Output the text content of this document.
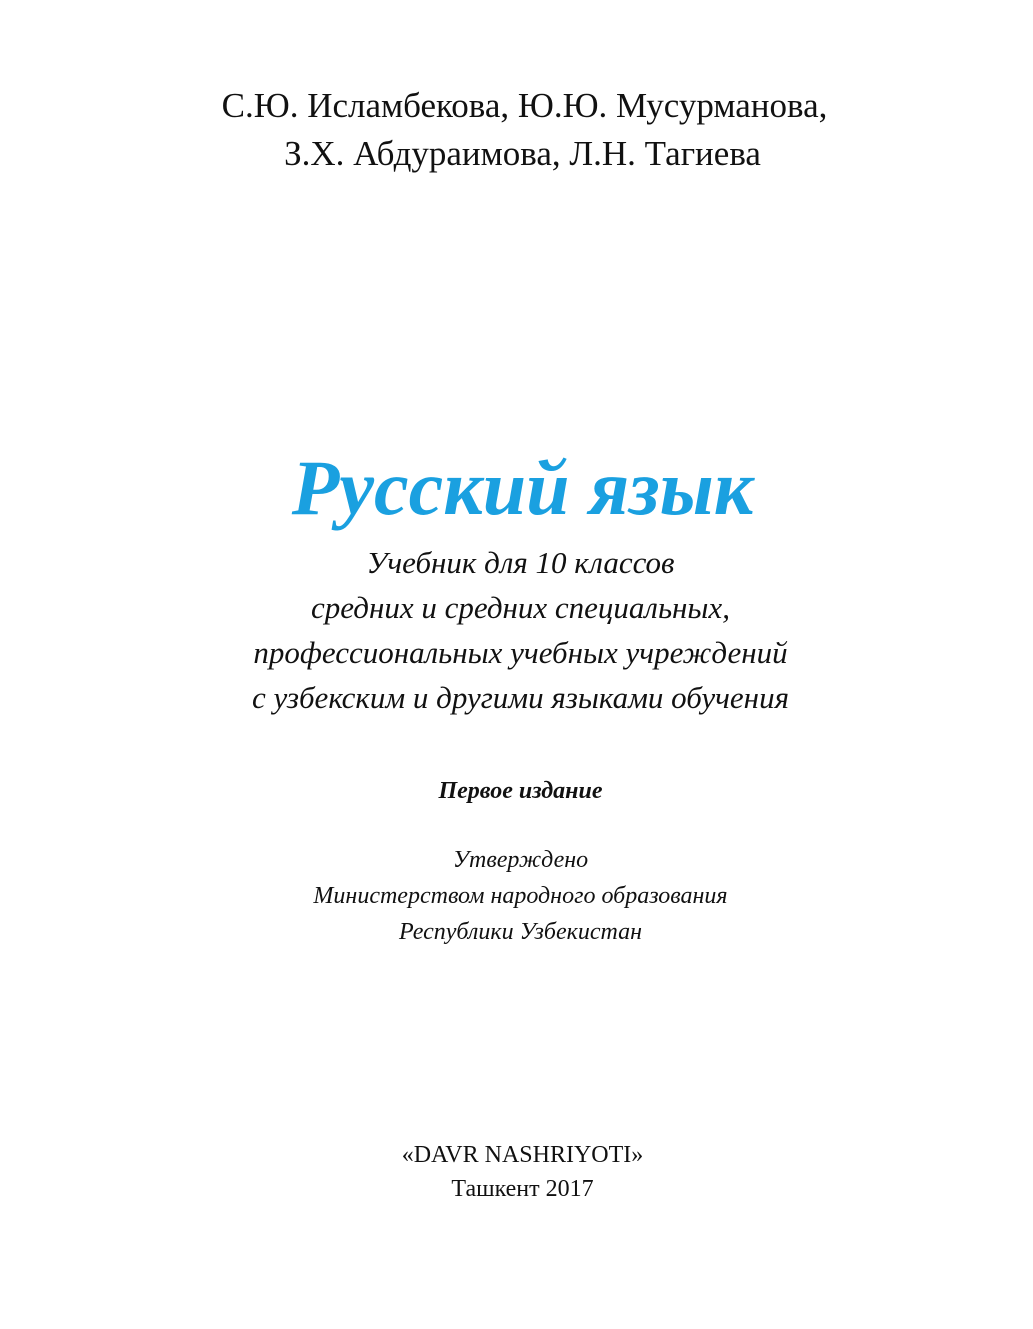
С.Ю. Исламбекова, Ю.Ю. Мусурманова,
З.Х. Абдураимова, Л.Н. Тагиева
Русский язык
Учебник для 10 классов
средних и средних специальных,
профессиональных учебных учреждений
с узбекским и другими языками обучения
Первое издание
Утверждено
Министерством народного образования
Республики Узбекистан
«DAVR NASHRIYOTI»
Ташкент 2017
